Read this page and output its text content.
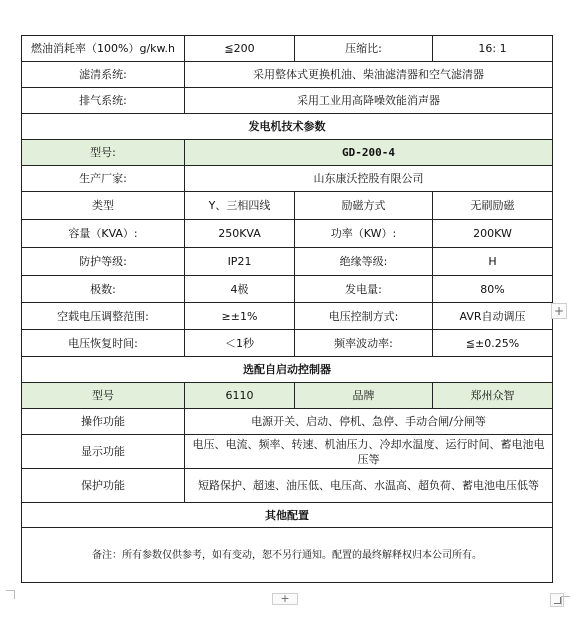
燃油消耗率（100%）g/kw.h	≦200	压缩比:	16: 1
滤清系统:	采用整体式更换机油、柴油滤清器和空气滤清器		
排气系统:	采用工业用高降噪效能消声器		
发电机技术参数			
型号:	GD-200-4		
生产厂家:	山东康沃控股有限公司		
类型	Y、三相四线	励磁方式	无刷励磁
容量（KVA）:	250KVA	功率（KW）:	200KW
防护等级:	IP21	绝缘等级:	H
极数:	4极	发电量:	80%
空载电压调整范围:	≥±1%	电压控制方式:	AVR自动调压
电压恢复时间:	＜1秒	频率波动率:	≦±0.25%
选配自启动控制器			
型号	6110	品牌	郑州众智
操作功能	电源开关、启动、停机、急停、手动合闸/分闸等		
显示功能	电压、电流、频率、转速、机油压力、冷却水温度、运行时间、蓄电池电压等		
保护功能	短路保护、超速、油压低、电压高、水温高、超负荷、蓄电池电压低等		
其他配置			
备注：所有参数仅供参考，如有变动，恕不另行通知。配置的最终解释权归本公司所有。			
+
+
